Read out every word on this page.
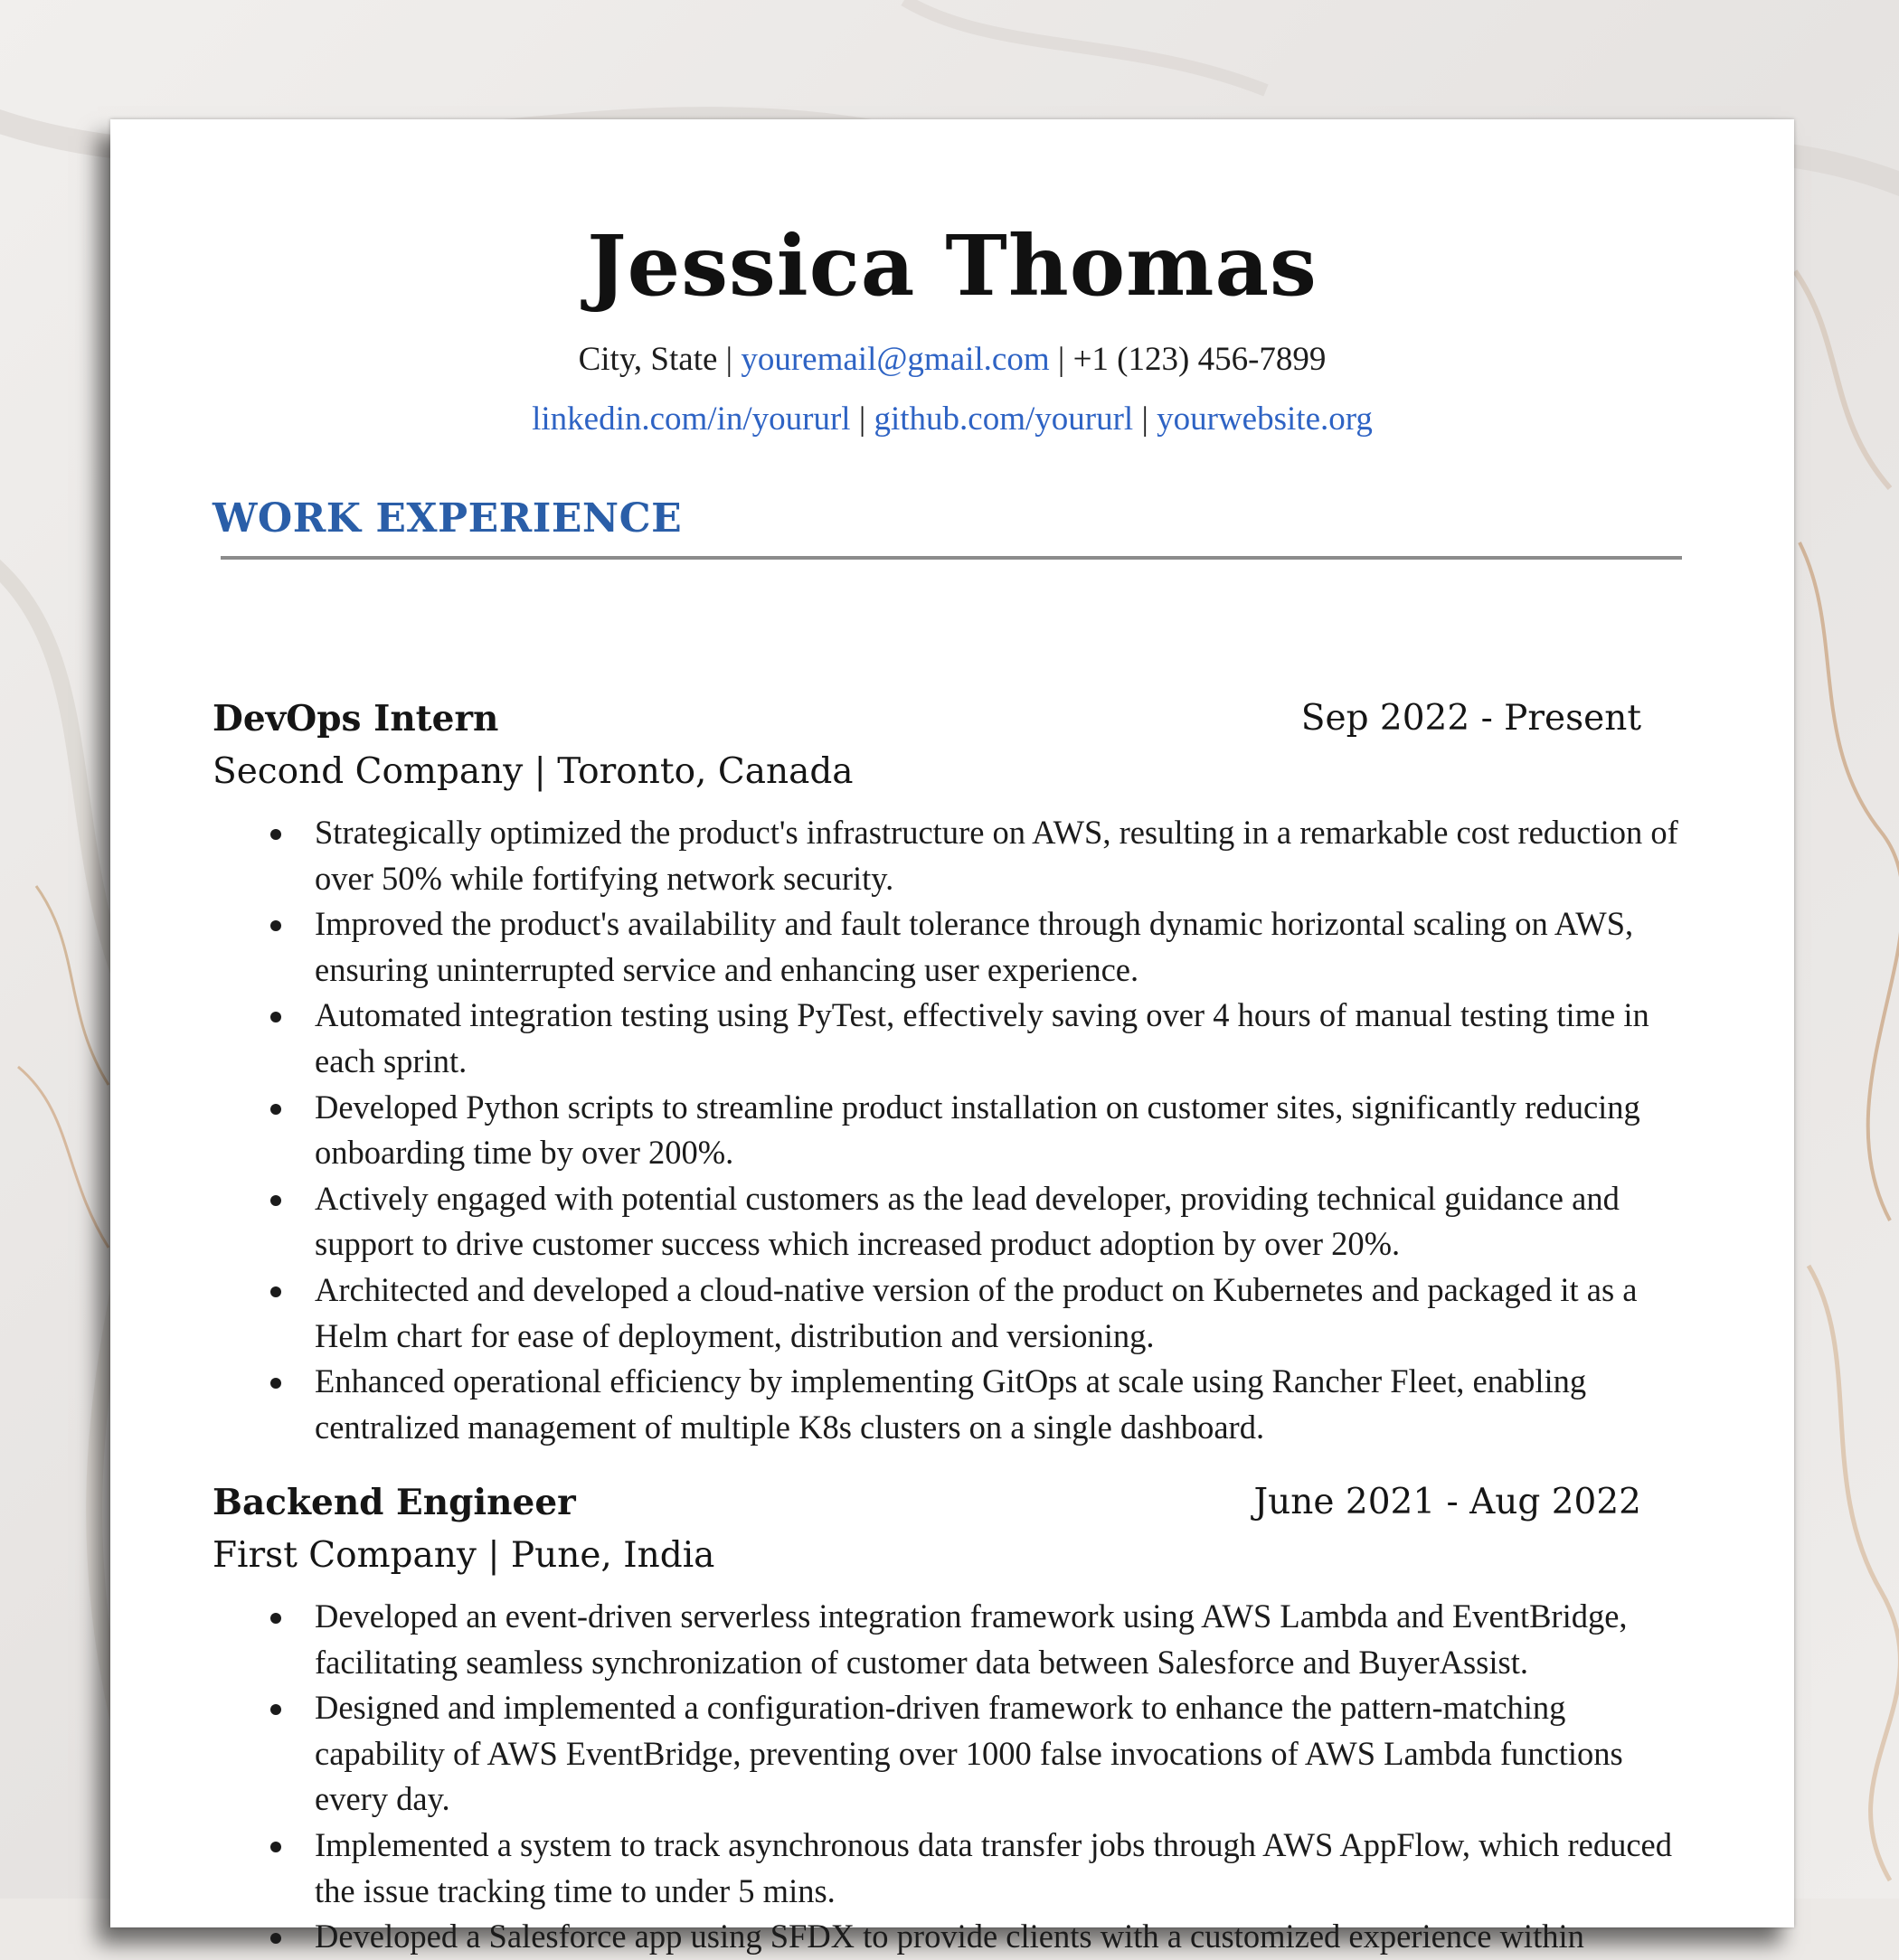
Jessica Thomas
City, State | youremail@gmail.com | +1 (123) 456-7899
linkedin.com/in/yoururl | github.com/yoururl | yourwebsite.org
WORK EXPERIENCE
DevOps Intern	Sep 2022 - Present
Second Company | Toronto, Canada
Strategically optimized the product's infrastructure on AWS, resulting in a remarkable cost reduction of over 50% while fortifying network security.
Improved the product's availability and fault tolerance through dynamic horizontal scaling on AWS, ensuring uninterrupted service and enhancing user experience.
Automated integration testing using PyTest, effectively saving over 4 hours of manual testing time in each sprint.
Developed Python scripts to streamline product installation on customer sites, significantly reducing onboarding time by over 200%.
Actively engaged with potential customers as the lead developer, providing technical guidance and support to drive customer success which increased product adoption by over 20%.
Architected and developed a cloud-native version of the product on Kubernetes and packaged it as a Helm chart for ease of deployment, distribution and versioning.
Enhanced operational efficiency by implementing GitOps at scale using Rancher Fleet, enabling centralized management of multiple K8s clusters on a single dashboard.
Backend Engineer	June 2021 - Aug 2022
First Company | Pune, India
Developed an event-driven serverless integration framework using AWS Lambda and EventBridge, facilitating seamless synchronization of customer data between Salesforce and BuyerAssist.
Designed and implemented a configuration-driven framework to enhance the pattern-matching capability of AWS EventBridge, preventing over 1000 false invocations of AWS Lambda functions every day.
Implemented a system to track asynchronous data transfer jobs through AWS AppFlow, which reduced the issue tracking time to under 5 mins.
Developed a Salesforce app using SFDX to provide clients with a customized experience within
